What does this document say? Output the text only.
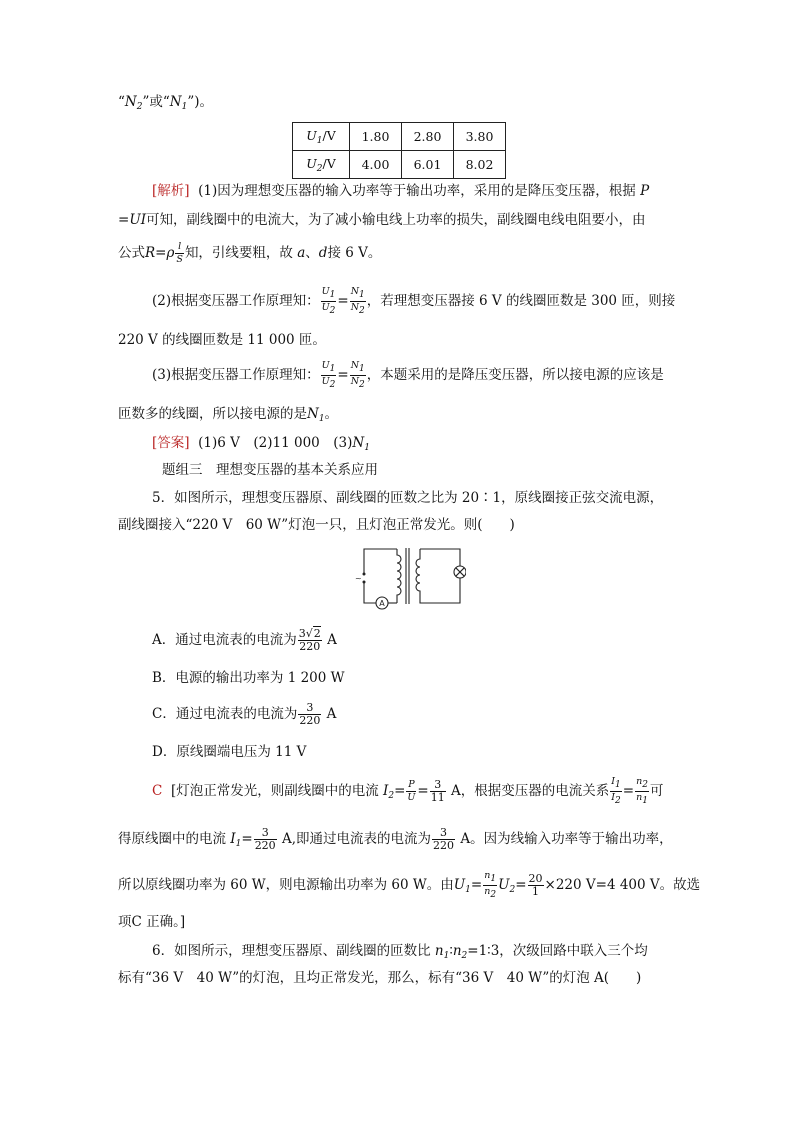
“$N_2$”或“$N_1$”)。
$U_1/V$	1.80	2.80	3.80
$U_2/V$	4.00	6.01	8.02
[解析] (1)因为理想变压器的输入功率等于输出功率，采用的是降压变压器，根据 P
=UI可知，副线圈中的电流大，为了减小输电线上功率的损失，副线圈电线电阻要小，由
公式$R=\rho \frac{l}{S}$ 知，引线要粗，故 a、d接 6 V。
(2)根据变压器工作原理知： $\frac{U1}{U2} = \frac{N1}{N2}$ ，若理想变压器接 6 V 的线圈匝数是 300 匝，则接
220 V 的线圈匝数是 11 000 匝。
(3)根据变压器工作原理知： $\frac{U1}{U2} = \frac{N1}{N2}$ ，本题采用的是降压变压器，所以接电源的应该是
匝数多的线圈，所以接电源的是$N_1$。
[答案] (1)6 V　(2)11 000　$(3)N_1$
题组三　理想变压器的基本关系应用
5．如图所示，理想变压器原、副线圈的匝数之比为 20∶1，原线圈接正弦交流电源，
副线圈接入“220 V　60 W”灯泡一只，且灯泡正常发光。则(　　)
~
A
A．通过电流表的电流为 $\frac{3√2}{220}$ A
B．电源的输出功率为 1 200 W
C．通过电流表的电流为 $\frac{3}{220}$ A
D．原线圈端电压为 11 V
C [灯泡正常发光，则副线圈中的电流 $I_2= \frac{P}{U} = \frac{3}{11}$ A，根据变压器的电流关系 $\frac{I1}{I2} = \frac{n2}{n1}$ 可
得原线圈中的电流 $I_1= \frac{3}{220} A$,即通过电流表的电流为 $\frac{3}{220}$ A。因为线输入功率等于输出功率，
所以原线圈功率为 60 W，则电源输出功率为 60 W。由$U_1= \frac{n1}{n2} U_2= \frac{20}{1} \times 220$ V=4 400 V。故选
项C 正确。]
6．如图所示，理想变压器原、副线圈的匝数比 $n_1∶n_2=1∶3$，次级回路中联入三个均
标有“36 V　40 W”的灯泡，且均正常发光，那么，标有“36 V　40 W”的灯泡 A(　　)
